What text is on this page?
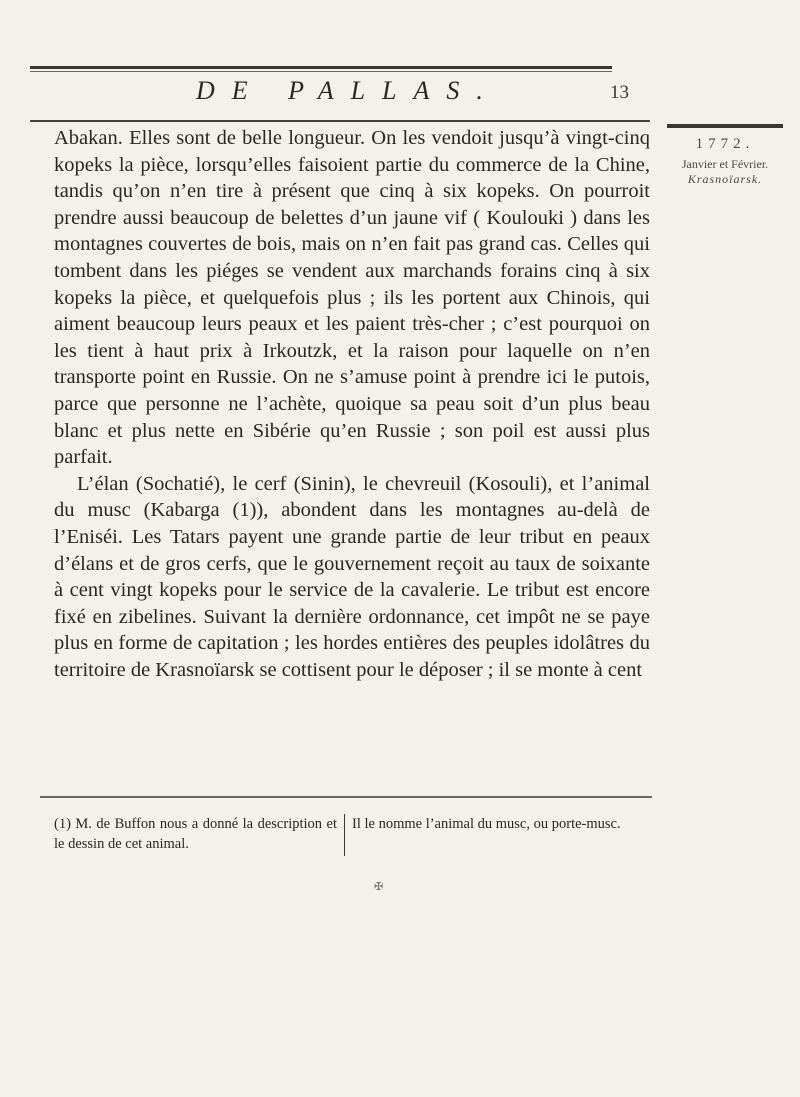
DE PALLAS.	13
1772.
Janvier et Février.
Krasnoïarsk.

Abakan. Elles sont de belle longueur. On les vendoit jusqu’à vingt-cinq kopeks la pièce, lorsqu’elles faisoient partie du commerce de la Chine, tandis qu’on n’en tire à présent que cinq à six kopeks. On pourroit prendre aussi beaucoup de belettes d’un jaune vif ( Koulouki ) dans les montagnes couvertes de bois, mais on n’en fait pas grand cas. Celles qui tombent dans les piéges se vendent aux marchands forains cinq à six kopeks la pièce, et quelquefois plus ; ils les portent aux Chinois, qui aiment beaucoup leurs peaux et les paient très-cher ; c’est pourquoi on les tient à haut prix à Irkoutzk, et la raison pour laquelle on n’en transporte point en Russie. On ne s’amuse point à prendre ici le putois, parce que personne ne l’achète, quoique sa peau soit d’un plus beau blanc et plus nette en Sibérie qu’en Russie ; son poil est aussi plus parfait.

L’élan (Sochatié), le cerf (Sinin), le chevreuil (Kosouli), et l’animal du musc (Kabarga (1)), abondent dans les montagnes au-delà de l’Eniséi. Les Tatars payent une grande partie de leur tribut en peaux d’élans et de gros cerfs, que le gouvernement reçoit au taux de soixante à cent vingt kopeks pour le service de la cavalerie. Le tribut est encore fixé en zibelines. Suivant la dernière ordonnance, cet impôt ne se paye plus en forme de capitation ; les hordes entières des peuples idolâtres du territoire de Krasnoïarsk se cottisent pour le déposer ; il se monte à cent

(1) M. de Buffon nous a donné la description et le dessin de cet animal.
Il le nomme l’animal du musc, ou porte-musc.
✠
